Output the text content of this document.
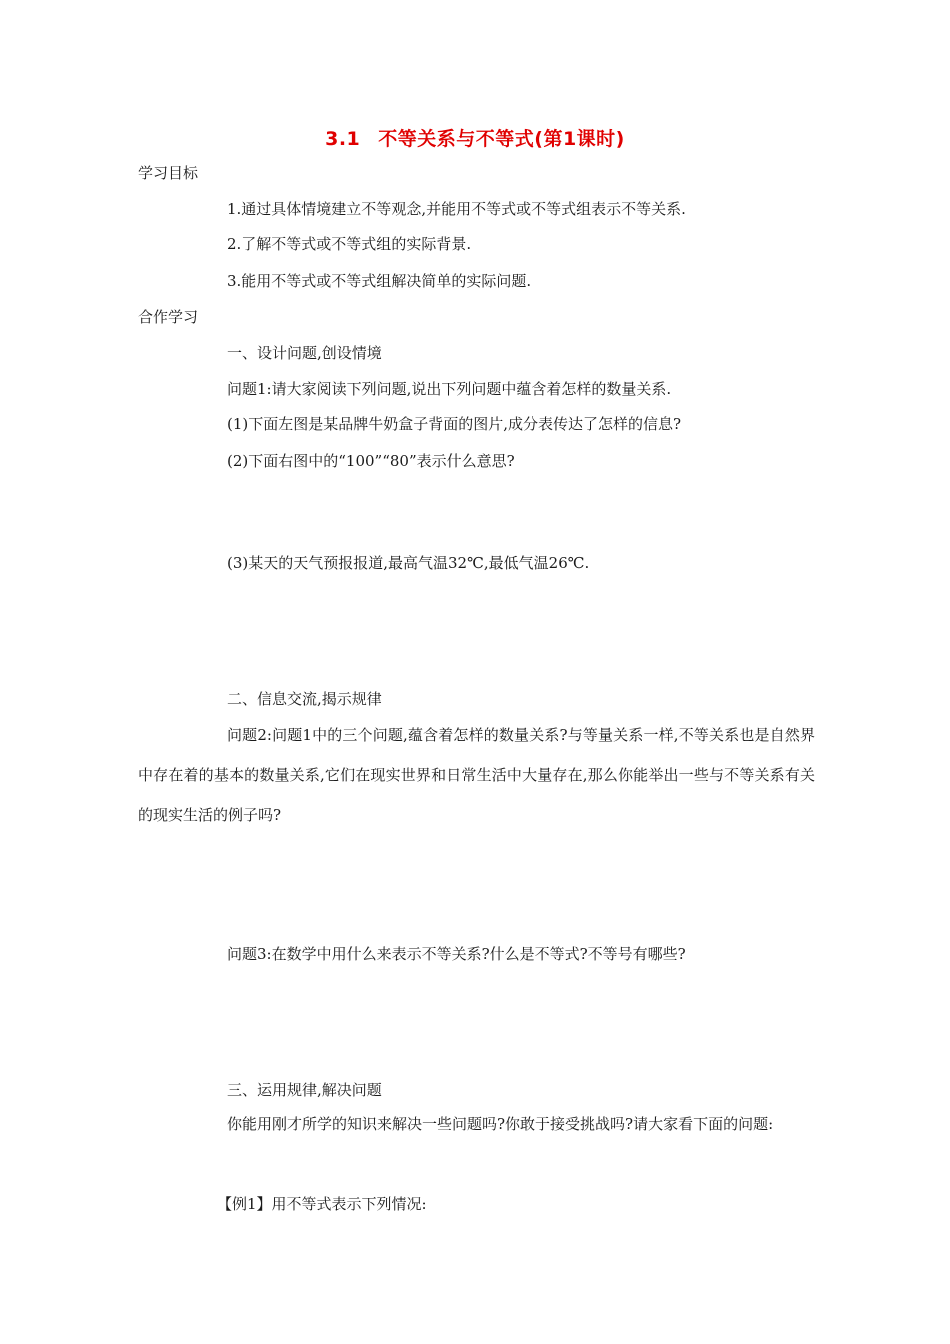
3.1 不等关系与不等式(第1课时)
学习目标
1.通过具体情境建立不等观念,并能用不等式或不等式组表示不等关系.
2.了解不等式或不等式组的实际背景.
3.能用不等式或不等式组解决简单的实际问题.
合作学习
一、设计问题,创设情境
问题1:请大家阅读下列问题,说出下列问题中蕴含着怎样的数量关系.
(1)下面左图是某品牌牛奶盒子背面的图片,成分表传达了怎样的信息?
(2)下面右图中的“100”“80”表示什么意思?
(3)某天的天气预报报道,最高气温32℃,最低气温26℃.
二、信息交流,揭示规律
问题2:问题1中的三个问题,蕴含着怎样的数量关系?与等量关系一样,不等关系也是自然界中存在着的基本的数量关系,它们在现实世界和日常生活中大量存在,那么你能举出一些与不等关系有关的现实生活的例子吗?
问题3:在数学中用什么来表示不等关系?什么是不等式?不等号有哪些?
三、运用规律,解决问题
你能用刚才所学的知识来解决一些问题吗?你敢于接受挑战吗?请大家看下面的问题:
【例1】用不等式表示下列情况:
